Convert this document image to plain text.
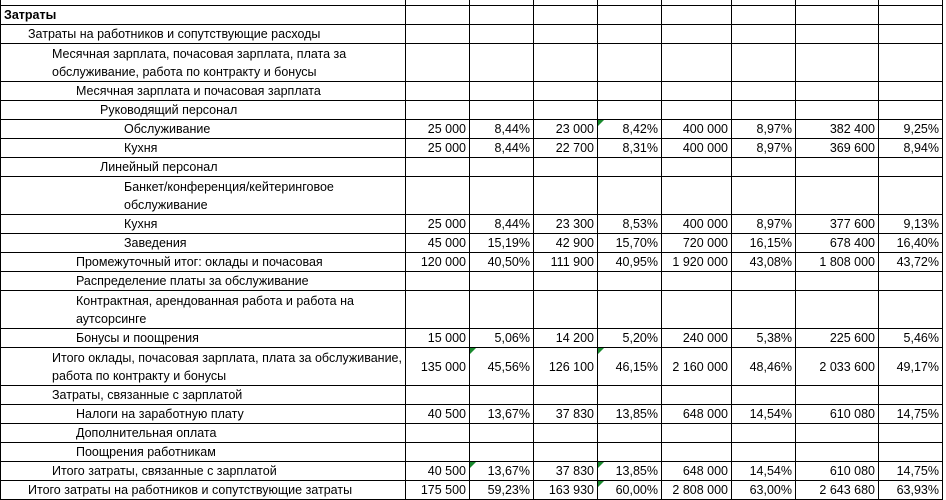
Затраты								

Затраты на работников и сопутствующие расходы								

Месячная зарплата, почасовая зарплата, плата за обслуживание, работа по контракту и бонусы								

Месячная зарплата и почасовая зарплата								

Руководящий персонал								

Обслуживание	25 000	8,44%	23 000	8,42%	400 000	8,97%	382 400	9,25%

Кухня	25 000	8,44%	22 700	8,31%	400 000	8,97%	369 600	8,94%

Линейный персонал								

Банкет/конференция/кейтеринговое обслуживание								

Кухня	25 000	8,44%	23 300	8,53%	400 000	8,97%	377 600	9,13%

Заведения	45 000	15,19%	42 900	15,70%	720 000	16,15%	678 400	16,40%

Промежуточный итог: оклады и почасовая	120 000	40,50%	111 900	40,95%	1 920 000	43,08%	1 808 000	43,72%

Распределение платы за обслуживание								

Контрактная, арендованная работа и работа на аутсорсинге								

Бонусы и поощрения	15 000	5,06%	14 200	5,20%	240 000	5,38%	225 600	5,46%

Итого оклады, почасовая зарплата, плата за обслуживание, работа по контракту и бонусы	135 000	45,56%	126 100	46,15%	2 160 000	48,46%	2 033 600	49,17%

Затраты, связанные с зарплатой								

Налоги на заработную плату	40 500	13,67%	37 830	13,85%	648 000	14,54%	610 080	14,75%

Дополнительная оплата								

Поощрения работникам								

Итого затраты, связанные с зарплатой	40 500	13,67%	37 830	13,85%	648 000	14,54%	610 080	14,75%

Итого затраты на работников и сопутствующие затраты	175 500	59,23%	163 930	60,00%	2 808 000	63,00%	2 643 680	63,93%
